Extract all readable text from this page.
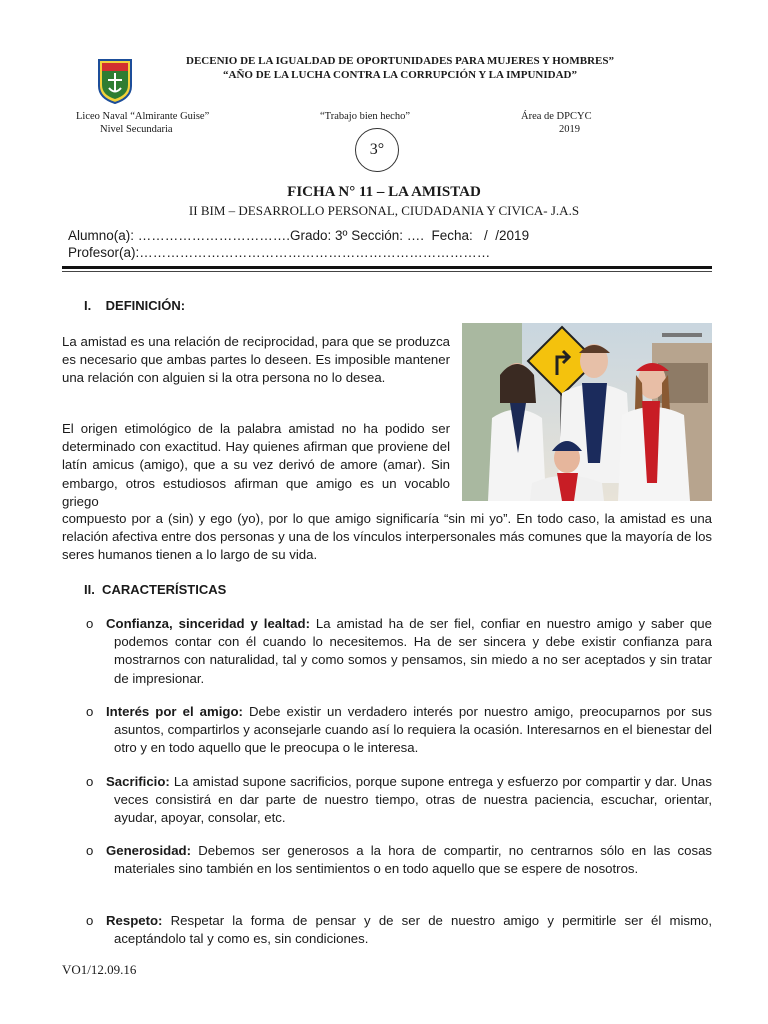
DECENIO DE LA IGUALDAD DE OPORTUNIDADES PARA MUJERES Y HOMBRES”
“AÑO DE LA LUCHA CONTRA LA CORRUPCIÓN Y LA IMPUNIDAD”
Liceo Naval “Almirante Guise”
Nivel Secundaria
“Trabajo bien hecho”	Área de DPCYC
2019
3°
FICHA N° 11 – LA AMISTAD
II BIM – DESARROLLO PERSONAL, CIUDADANIA Y CIVICA- J.A.S
Alumno(a): …………………………….Grado: 3º Sección: ….  Fecha:   /  /2019
Profesor(a):……………………………………………………………………
I.    DEFINICIÓN:
La amistad es una relación de reciprocidad, para que se produzca es necesario que ambas partes lo deseen. Es imposible mantener una relación con alguien si la otra persona no lo desea.
El origen etimológico de la palabra amistad no ha podido ser determinado con exactitud. Hay quienes afirman que proviene del latín amicus (amigo), que a su vez derivó de amore (amar). Sin embargo, otros estudiosos afirman que amigo es un vocablo griego
compuesto por a (sin) y ego (yo), por lo que amigo significaría “sin mi yo”. En todo caso, la amistad es una relación afectiva entre dos personas y una de los vínculos interpersonales más comunes que la mayoría de los seres humanos tienen a lo largo de su vida.
II.  CARACTERÍSTICAS
o Confianza, sinceridad y lealtad: La amistad ha de ser fiel, confiar en nuestro amigo y saber que podemos contar con él cuando lo necesitemos. Ha de ser sincera y debe existir confianza para mostrarnos con naturalidad, tal y como somos y pensamos, sin miedo a no ser aceptados y sin tratar de impresionar.
o Interés por el amigo: Debe existir un verdadero interés por nuestro amigo, preocuparnos por sus asuntos, compartirlos y aconsejarle cuando así lo requiera la ocasión. Interesarnos en el bienestar del otro y en todo aquello que le preocupa o le interesa.
o Sacrificio: La amistad supone sacrificios, porque supone entrega y esfuerzo por compartir y dar. Unas veces consistirá en dar parte de nuestro tiempo, otras de nuestra paciencia, escuchar, orientar, ayudar, apoyar, consolar, etc.
o Generosidad: Debemos ser generosos a la hora de compartir, no centrarnos sólo en las cosas materiales sino también en los sentimientos o en todo aquello que se espere de nosotros.
o Respeto: Respetar la forma de pensar y de ser de nuestro amigo y permitirle ser él mismo, aceptándolo tal y como es, sin condiciones.
VO1/12.09.16
